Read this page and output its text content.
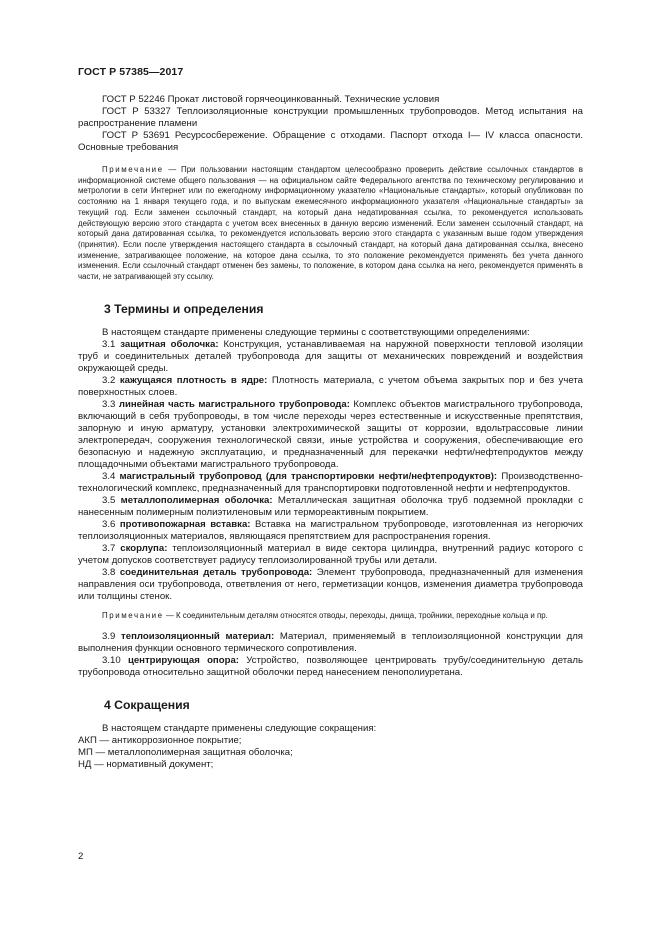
ГОСТ Р 57385—2017

ГОСТ Р 52246 Прокат листовой горячеоцинкованный. Технические условия

ГОСТ Р 53327 Теплоизоляционные конструкции промышленных трубопроводов. Метод испытания на распространение пламени

ГОСТ Р 53691 Ресурсосбережение. Обращение с отходами. Паспорт отхода I— IV класса опасности. Основные требования

Примечание — При пользовании настоящим стандартом целесообразно проверить действие ссылочных стандартов в информационной системе общего пользования — на официальном сайте Федерального агентства по техническому регулированию и метрологии в сети Интернет или по ежегодному информационному указателю «Национальные стандарты», который опубликован по состоянию на 1 января текущего года, и по выпускам ежемесячного информационного указателя «Национальные стандарты» за текущий год. Если заменен ссылочный стандарт, на который дана недатированная ссылка, то рекомендуется использовать действующую версию этого стандарта с учетом всех внесенных в данную версию изменений. Если заменен ссылочный стандарт, на который дана датированная ссылка, то рекомендуется использовать версию этого стандарта с указанным выше годом утверждения (принятия). Если после утверждения настоящего стандарта в ссылочный стандарт, на который дана датированная ссылка, внесено изменение, затрагивающее положение, на которое дана ссылка, то это положение рекомендуется применять без учета данного изменения. Если ссылочный стандарт отменен без замены, то положение, в котором дана ссылка на него, рекомендуется применять в части, не затрагивающей эту ссылку.
3 Термины и определения

В настоящем стандарте применены следующие термины с соответствующими определениями:

3.1 защитная оболочка: Конструкция, устанавливаемая на наружной поверхности тепловой изоляции труб и соединительных деталей трубопровода для защиты от механических повреждений и воздействия окружающей среды.

3.2 кажущаяся плотность в ядре: Плотность материала, с учетом объема закрытых пор и без учета поверхностных слоев.

3.3 линейная часть магистрального трубопровода: Комплекс объектов магистрального трубопровода, включающий в себя трубопроводы, в том числе переходы через естественные и искусственные препятствия, запорную и иную арматуру, установки электрохимической защиты от коррозии, вдольтрассовые линии электропередач, сооружения технологической связи, иные устройства и сооружения, обеспечивающие его безопасную и надежную эксплуатацию, и предназначенный для перекачки нефти/нефтепродуктов между площадочными объектами магистрального трубопровода.

3.4 магистральный трубопровод (для транспортировки нефти/нефтепродуктов): Производственно-технологический комплекс, предназначенный для транспортировки подготовленной нефти и нефтепродуктов.

3.5 металлополимерная оболочка: Металлическая защитная оболочка труб подземной прокладки с нанесенным полимерным полиэтиленовым или термореактивным покрытием.

3.6 противопожарная вставка: Вставка на магистральном трубопроводе, изготовленная из негорючих теплоизоляционных материалов, являющаяся препятствием для распространения горения.

3.7 скорлупа: теплоизоляционный материал в виде сектора цилиндра, внутренний радиус которого с учетом допусков соответствует радиусу теплоизолированной трубы или детали.

3.8 соединительная деталь трубопровода: Элемент трубопровода, предназначенный для изменения направления оси трубопровода, ответвления от него, герметизации концов, изменения диаметра трубопровода или толщины стенок.

Примечание — К соединительным деталям относятся отводы, переходы, днища, тройники, переходные кольца и пр.

3.9 теплоизоляционный материал: Материал, применяемый в теплоизоляционной конструкции для выполнения функции основного термического сопротивления.

3.10 центрирующая опора: Устройство, позволяющее центрировать трубу/соединительную деталь трубопровода относительно защитной оболочки перед нанесением пенополиуретана.

4 Сокращения

В настоящем стандарте применены следующие сокращения:

АКП — антикоррозионное покрытие;

МП — металлополимерная защитная оболочка;

НД — нормативный документ;

2
